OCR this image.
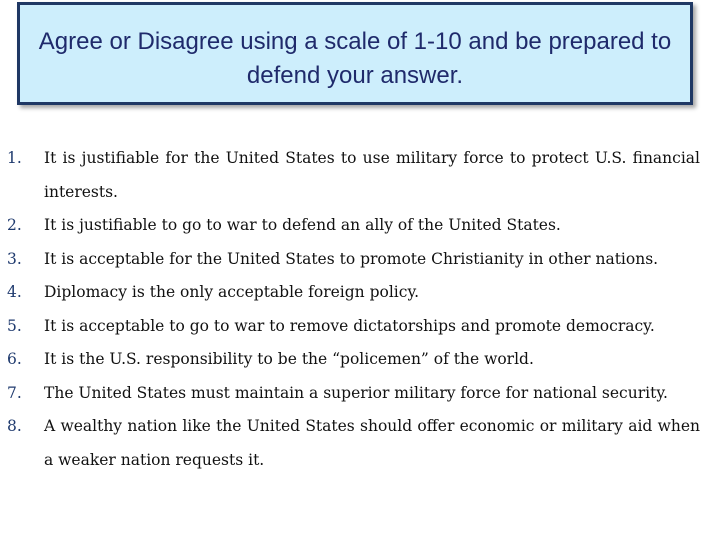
Agree or Disagree using a scale of 1-10 and be prepared to defend your answer.
1. It is justifiable for the United States to use military force to protect U.S. financial interests.
2. It is justifiable to go to war to defend an ally of the United States.
3. It is acceptable for the United States to promote Christianity in other nations.
4. Diplomacy is the only acceptable foreign policy.
5. It is acceptable to go to war to remove dictatorships and promote democracy.
6. It is the U.S. responsibility to be the “policemen” of the world.
7. The United States must maintain a superior military force for national security.
8. A wealthy nation like the United States should offer economic or military aid when a weaker nation requests it.
